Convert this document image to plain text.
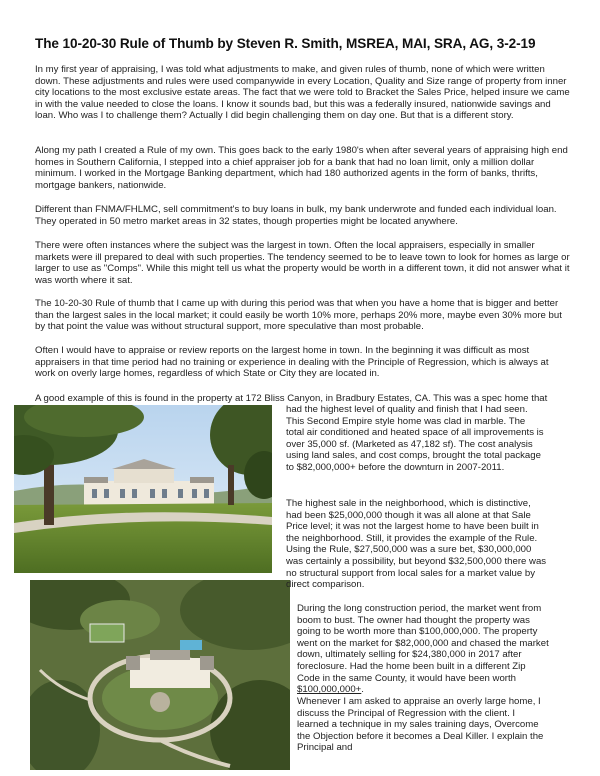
The 10-20-30 Rule of Thumb by Steven R. Smith, MSREA, MAI, SRA, AG, 3-2-19

In my first year of appraising, I was told what adjustments to make, and given rules of thumb, none of which were written down. These adjustments and rules were used companywide in every Location, Quality and Size range of property from inner city locations to the most exclusive estate areas. The fact that we were told to Bracket the Sales Price, helped insure we came in with the value needed to close the loans. I know it sounds bad, but this was a federally insured, nationwide savings and loan. Who was I to challenge them? Actually I did begin challenging them on day one. But that is a different story.

Along my path I created a Rule of my own. This goes back to the early 1980's when after several years of appraising high end homes in Southern California, I stepped into a chief appraiser job for a bank that had no loan limit, only a million dollar minimum. I worked in the Mortgage Banking department, which had 180 authorized agents in the form of banks, thrifts, mortgage bankers, nationwide.

Different than FNMA/FHLMC, sell commitment's to buy loans in bulk, my bank underwrote and funded each individual loan. They operated in 50 metro market areas in 32 states, though properties might be located anywhere.

There were often instances where the subject was the largest in town. Often the local appraisers, especially in smaller markets were ill prepared to deal with such properties. The tendency seemed to be to leave town to look for homes as large or larger to use as "Comps". While this might tell us what the property would be worth in a different town, it did not answer what it was worth where it sat.

The 10-20-30 Rule of thumb that I came up with during this period was that when you have a home that is bigger and better than the largest sales in the local market; it could easily be worth 10% more, perhaps 20% more, maybe even 30% more but by that point the value was without structural support, more speculative than most probable.

Often I would have to appraise or review reports on the largest home in town. In the beginning it was difficult as most appraisers in that time period had no training or experience in dealing with the Principle of Regression, which is always at work on overly large homes, regardless of which State or City they are located in.

A good example of this is found in the property at 172 Bliss Canyon, in Bradbury Estates, CA. This was a spec home that

had the highest level of quality and finish that I had seen. This Second Empire style home was clad in marble. The total air conditioned and heated space of all improvements is over 35,000 sf. (Marketed as 47,182 sf). The cost analysis using land sales, and cost comps, brought the total package to $82,000,000+ before the downturn in 2007-2011.

The highest sale in the neighborhood, which is distinctive, had been $25,000,000 though it was all alone at that Sale Price level; it was not the largest home to have been built in the neighborhood. Still, it provides the example of the Rule. Using the Rule, $27,500,000 was a sure bet, $30,000,000 was certainly a possibility, but beyond $32,500,000 there was no structural support from local sales for a market value by direct comparison.

During the long construction period, the market went from boom to bust. The owner had thought the property was going to be worth more than $100,000,000. The property went on the market for $82,000,000 and chased the market down, ultimately selling for $24,380,000 in 2017 after foreclosure. Had the home been built in a different Zip Code in the same County, it would have been worth $100,000,000+.

Whenever I am asked to appraise an overly large home, I discuss the Principal of Regression with the client. I learned a technique in my sales training days, Overcome the Objection before it becomes a Deal Killer. I explain the Principal and
